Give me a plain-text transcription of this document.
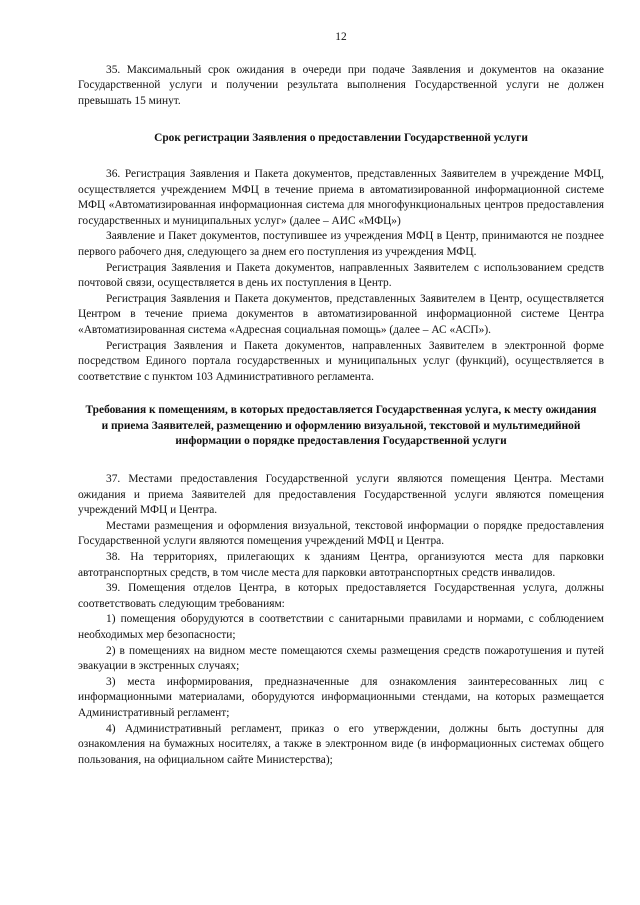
12

35. Максимальный срок ожидания в очереди при подаче Заявления и документов на оказание Государственной услуги и получении результата выполнения Государственной услуги не должен превышать 15 минут.

Срок регистрации Заявления о предоставлении Государственной услуги

36. Регистрация Заявления и Пакета документов, представленных Заявителем в учреждение МФЦ, осуществляется учреждением МФЦ в течение приема в автоматизированной информационной системе МФЦ «Автоматизированная информационная система для многофункциональных центров предоставления государственных и муниципальных услуг» (далее – АИС «МФЦ»)

Заявление и Пакет документов, поступившее из учреждения МФЦ в Центр, принимаются не позднее первого рабочего дня, следующего за днем его поступления из учреждения МФЦ.

Регистрация Заявления и Пакета документов, направленных Заявителем с использованием средств почтовой связи, осуществляется в день их поступления в Центр.

Регистрация Заявления и Пакета документов, представленных Заявителем в Центр, осуществляется Центром в течение приема документов в автоматизированной информационной системе Центра «Автоматизированная система «Адресная социальная помощь» (далее – АС «АСП»).

Регистрация Заявления и Пакета документов, направленных Заявителем в электронной форме посредством Единого портала государственных и муниципальных услуг (функций), осуществляется в соответствие с пунктом 103 Административного регламента.

Требования к помещениям, в которых предоставляется Государственная услуга, к месту ожидания и приема Заявителей, размещению и оформлению визуальной, текстовой и мультимедийной информации о порядке предоставления Государственной услуги

37. Местами предоставления Государственной услуги являются помещения Центра. Местами ожидания и приема Заявителей для предоставления Государственной услуги являются помещения учреждений МФЦ и Центра.

Местами размещения и оформления визуальной, текстовой информации о порядке предоставления Государственной услуги являются помещения учреждений МФЦ и Центра.

38. На территориях, прилегающих к зданиям Центра, организуются места для парковки автотранспортных средств, в том числе места для парковки автотранспортных средств инвалидов.

39. Помещения отделов Центра, в которых предоставляется Государственная услуга, должны соответствовать следующим требованиям:

1) помещения оборудуются в соответствии с санитарными правилами и нормами, с соблюдением необходимых мер безопасности;

2) в помещениях на видном месте помещаются схемы размещения средств пожаротушения и путей эвакуации в экстренных случаях;

3) места информирования, предназначенные для ознакомления заинтересованных лиц с информационными материалами, оборудуются информационными стендами, на которых размещается Административный регламент;

4) Административный регламент, приказ о его утверждении, должны быть доступны для ознакомления на бумажных носителях, а также в электронном виде (в информационных системах общего пользования, на официальном сайте Министерства);
